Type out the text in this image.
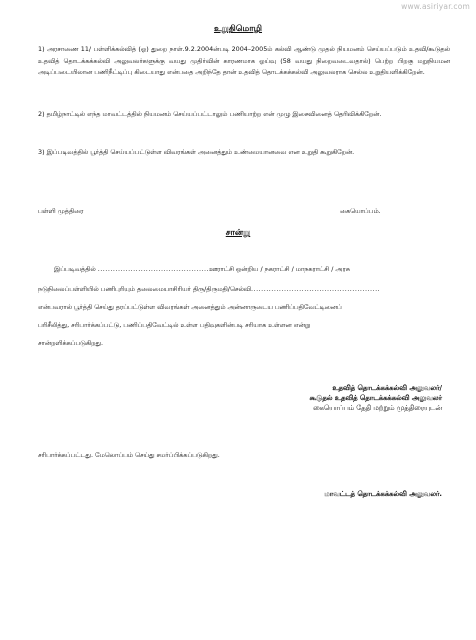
www.asiriyar.com
உறுதிமொழி

1) அரசாணை 11/ பள்ளிக்கல்வித் (ஓ) துறை நாள்.9.2.2004ன்படி 2004–2005ம் கல்வி ஆண்டு முதல் நியமனம் செய்யப்படும் உதவி/கூடுதல் உதவித் தொடக்கக்கல்வி அலுவலர்களுக்கு வயது முதிர்வின் காரணமாக ஓய்வு (58 வயது நிறைவடைவதால்) பெற்ற பிறகு மறுநியமன அடிப்படையிலான பணிநீட்டிப்பு கிடையாது என்பதை அறிந்தே தான் உதவித் தொடக்கக்கல்வி அலுவலராக செல்ல உறுதியளிக்கிறேன்.

2) தமிழ்நாட்டில் எந்த மாவட்டத்தில் நியமனம் செய்யப்பட்டாலும் பணியாற்ற என் முழு இசைவினைத் தெரிவிக்கிறேன்.

3) இப்படிவத்தில் பூர்த்தி செய்யப்பட்டுள்ள விவரங்கள் அனைத்தும் உண்மையானவை என உறுதி கூறுகிறேன்.

பள்ளி முத்திரை	கையொப்பம்.
சான்று
இப்படிவத்தில் ............................................ஊராட்சி ஒன்றிய / நகராட்சி / மாநகராட்சி / அரசு
நடுநிலைப்பள்ளியில் பணிபுரியும் தலைமையாசிரியர் திரு/திருமதி/செல்வி...................................................
என்பவரால் பூர்த்தி செய்து தரப்பட்டுள்ள விவரங்கள் அனைத்தும் அன்னாருடைய பணிப்பதிவேட்டினைப்
பரிசீலித்து, சரிபார்க்கப்பட்டு, பணிப்பதிவேட்டில் உள்ள பதிவுகளின்படி சரியாக உள்ளன என்று
சான்றளிக்கப்படுகிறது.
உதவித் தொடக்கக்கல்வி அலுவலர்/
கூடுதல் உதவித் தொடக்கக்கல்வி அலுவலர்
கையொப்பம் தேதி மற்றும் முத்திரையுடன்
சரிபார்க்கப்பட்டது. மேலொப்பம் செய்து சமர்ப்பிக்கப்படுகிறது.
மாவட்டத் தொடக்கக்கல்வி அலுவலர்.
